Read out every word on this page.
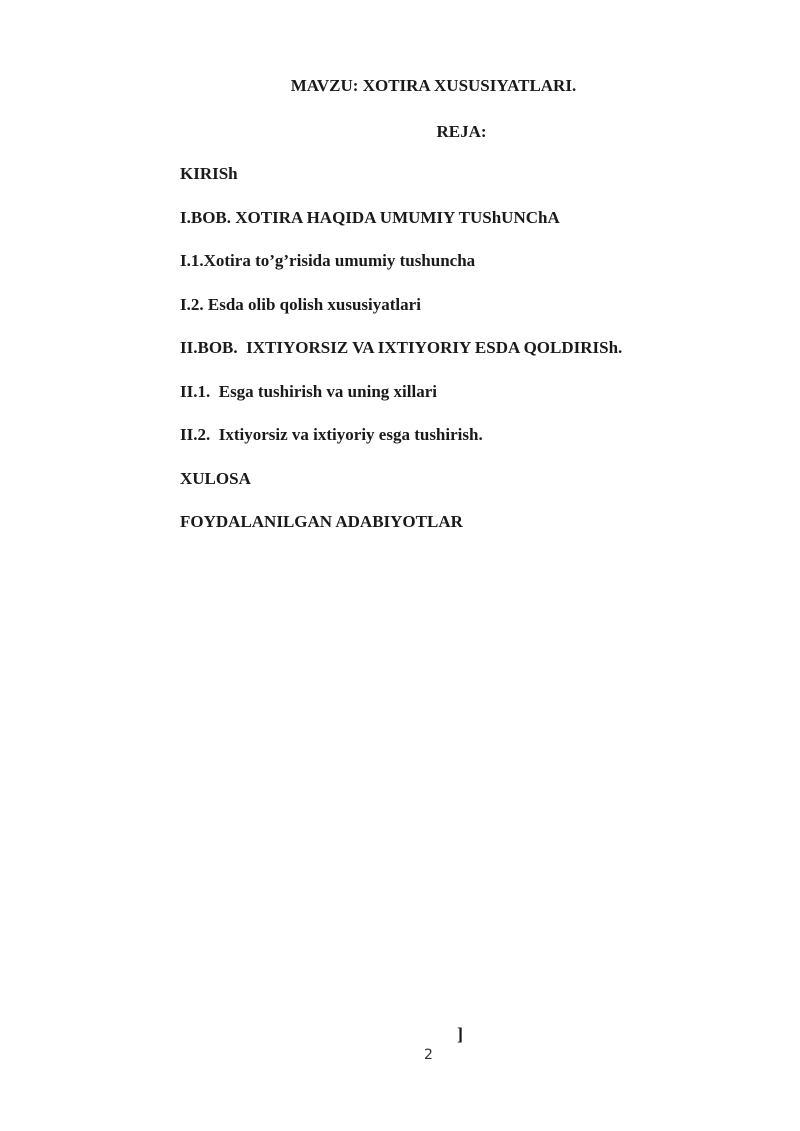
MAVZU: XOTIRA XUSUSIYATLARI.
REJA:
KIRISh
I.BOB. XOTIRA HAQIDA UMUMIY TUShUNChA
I.1.Xotira to’g’risida umumiy tushuncha
I.2. Esda olib qolish xususiyatlari
II.BOB.  IXTIYORSIZ VA IXTIYORIY ESDA QOLDIRISh.
II.1.  Esga tushirish va uning xillari
II.2.  Ixtiyorsiz va ixtiyoriy esga tushirish.
XULOSA
FOYDALANILGAN ADABIYOTLAR
]
2
